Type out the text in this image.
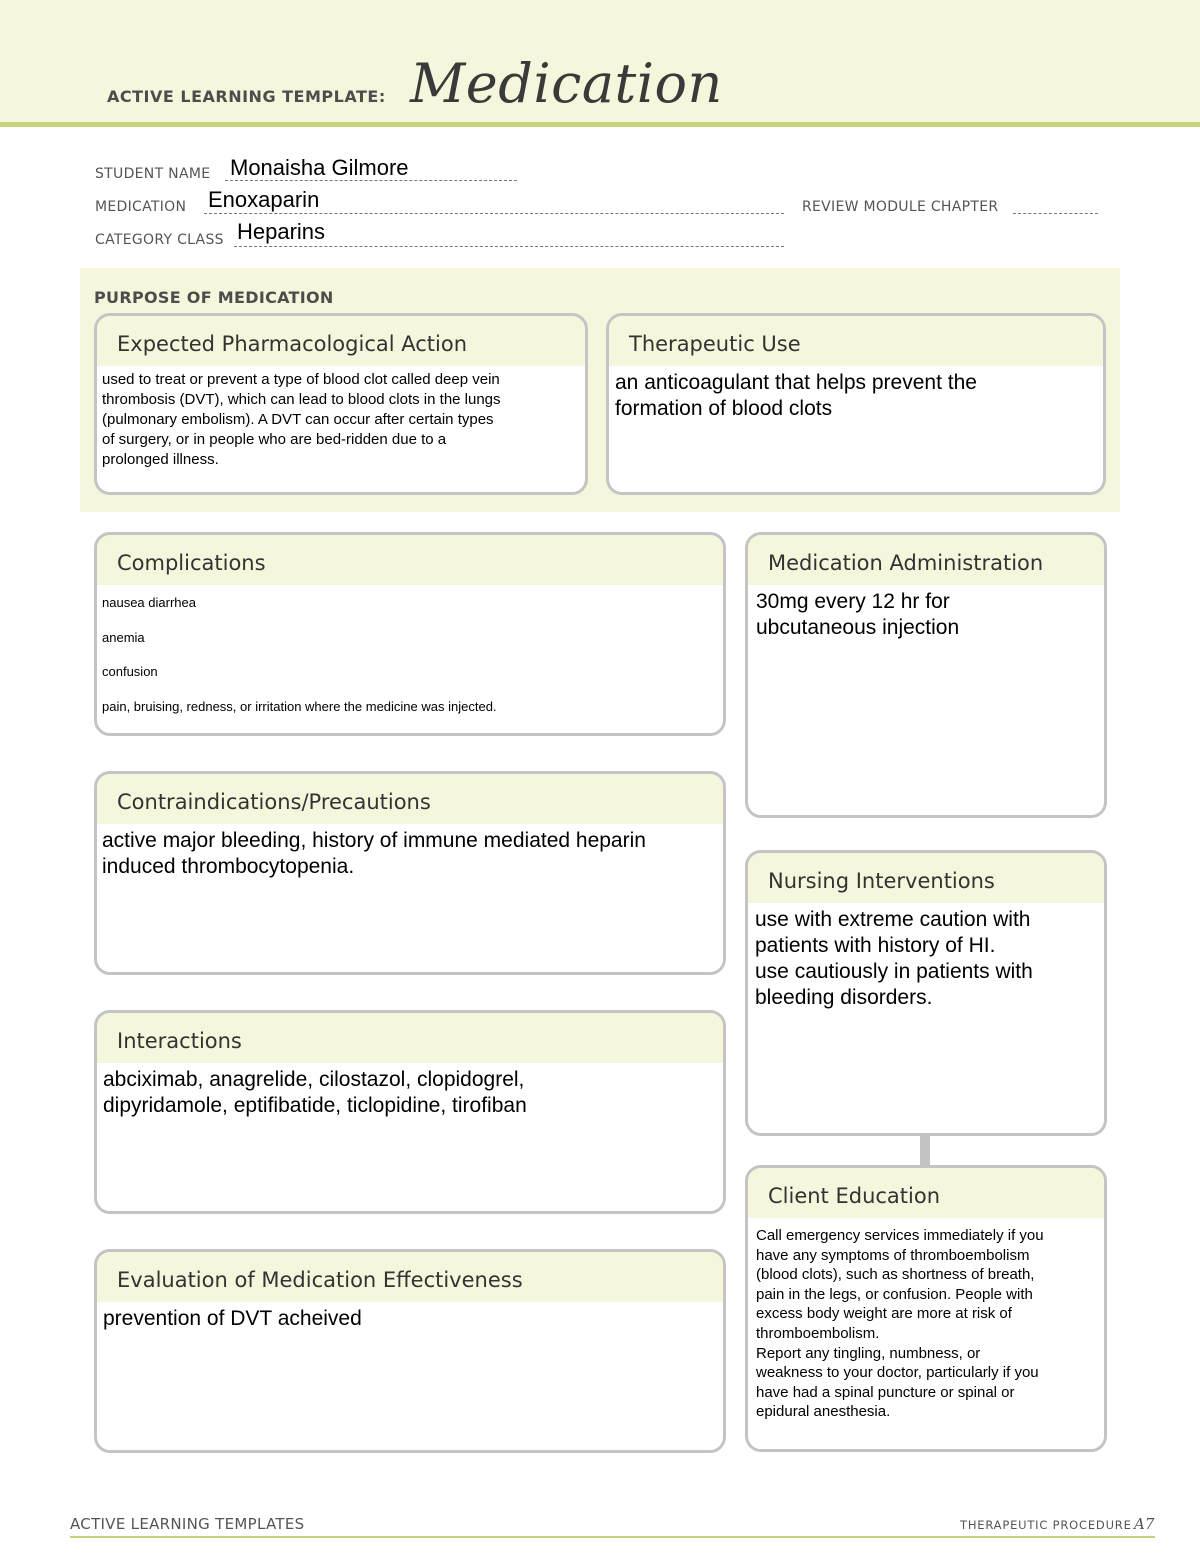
ACTIVE LEARNING TEMPLATE: Medication
STUDENT NAME Monaisha Gilmore
MEDICATION Enoxaparin	REVIEW MODULE CHAPTER
CATEGORY CLASS Heparins
PURPOSE OF MEDICATION
Expected Pharmacological Action
used to treat or prevent a type of blood clot called deep vein
thrombosis (DVT), which can lead to blood clots in the lungs
(pulmonary embolism). A DVT can occur after certain types
of surgery, or in people who are bed-ridden due to a
prolonged illness.
Therapeutic Use
an anticoagulant that helps prevent the
formation of blood clots
Complications
nausea diarrhea
anemia
confusion
pain, bruising, redness, or irritation where the medicine was injected.
Medication Administration
30mg every 12 hr for
ubcutaneous injection
Contraindications/Precautions
active major bleeding, history of immune mediated heparin
induced thrombocytopenia.
Nursing Interventions
use with extreme caution with
patients with history of HI.
use cautiously in patients with
bleeding disorders.
Interactions
abciximab, anagrelide, cilostazol, clopidogrel,
dipyridamole, eptifibatide, ticlopidine, tirofiban
Client Education
Call emergency services immediately if you
have any symptoms of thromboembolism
(blood clots), such as shortness of breath,
pain in the legs, or confusion. People with
excess body weight are more at risk of
thromboembolism.
Report any tingling, numbness, or
weakness to your doctor, particularly if you
have had a spinal puncture or spinal or
epidural anesthesia.
Evaluation of Medication Effectiveness
prevention of DVT acheived
ACTIVE LEARNING TEMPLATES	THERAPEUTIC PROCEDURE A7
